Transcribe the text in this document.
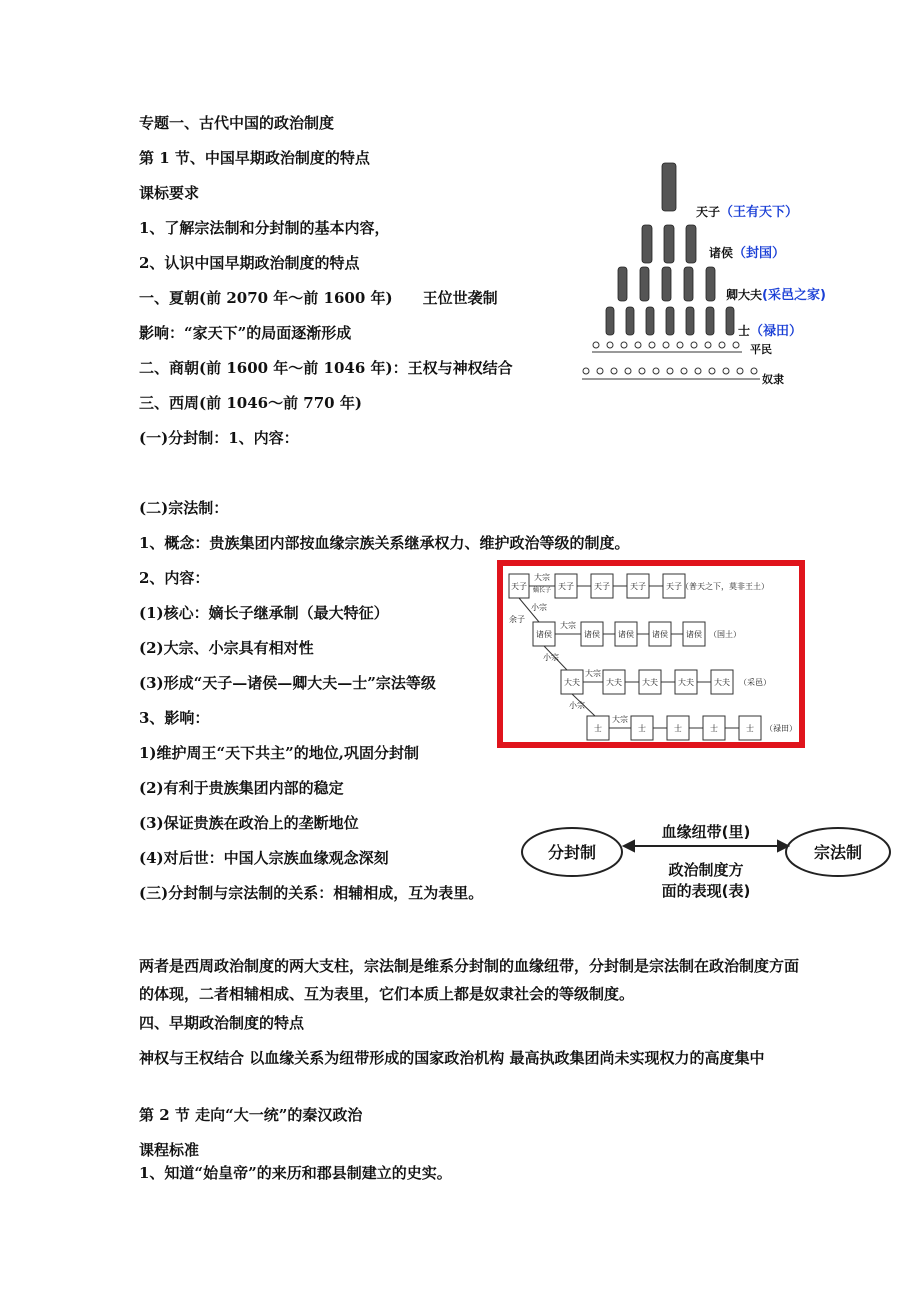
专题一、古代中国的政治制度
第 1 节、中国早期政治制度的特点
课标要求
1、了解宗法制和分封制的基本内容，
2、认识中国早期政治制度的特点
一、夏朝(前 2070 年～前 1600 年) 王位世袭制
影响：“家天下”的局面逐渐形成
二、商朝(前 1600 年～前 1046 年)：王权与神权结合
三、西周(前 1046～前 770 年)
(一)分封制：1、内容：
(二)宗法制：
1、概念：贵族集团内部按血缘宗族关系继承权力、维护政治等级的制度。
2、内容：
(1)核心：嫡长子继承制（最大特征）
(2)大宗、小宗具有相对性
(3)形成“天子—诸侯—卿大夫—士”宗法等级
3、影响：
1)维护周王“天下共主”的地位,巩固分封制
(2)有利于贵族集团内部的稳定
(3)保证贵族在政治上的垄断地位
(4)对后世：中国人宗族血缘观念深刻
(三)分封制与宗法制的关系：相辅相成，互为表里。
两者是西周政治制度的两大支柱，宗法制是维系分封制的血缘纽带，分封制是宗法制在政治制度方面的体现，二者相辅相成、互为表里，它们本质上都是奴隶社会的等级制度。
四、早期政治制度的特点
神权与王权结合 以血缘关系为纽带形成的国家政治机构 最高执政集团尚未实现权力的高度集中
第 2 节 走向“大一统”的秦汉政治
课程标准
1、知道“始皇帝”的来历和郡县制建立的史实。
天子（王有天下）
诸侯（封国）
卿大夫(采邑之家)
士（禄田）
平民
奴隶
天子
大宗
嫡长子 天子	天子	天子	天子 （普天之下，莫非王土）
余子
小宗
诸侯
大宗
诸侯 诸侯 诸侯 诸侯 （国土）
小宗
大夫
大宗
大夫	大夫	大夫	大夫 （采邑）
小宗
士
大宗
士	士	士	士 （禄田）
分封制	宗法制
血缘纽带(里)
政治制度方
面的表现(表)
